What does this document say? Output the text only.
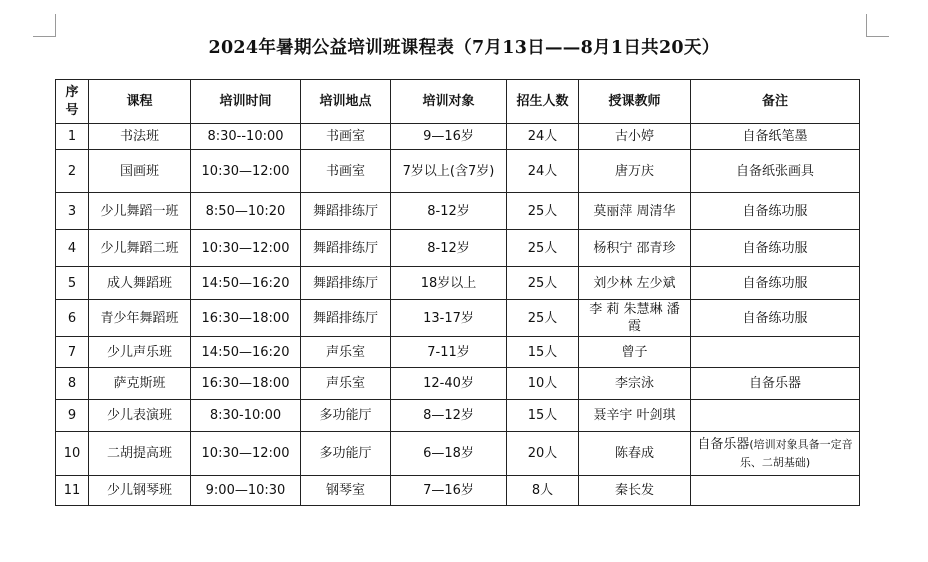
2024年暑期公益培训班课程表（7月13日——8月1日共20天）
序号	课程	培训时间	培训地点	培训对象	招生人数	授课教师	备注
1	书法班	8:30--10:00	书画室	9—16岁	24人	古小婷	自备纸笔墨
2	国画班	10:30—12:00	书画室	7岁以上(含7岁)	24人	唐万庆	自备纸张画具
3	少儿舞蹈一班	8:50—10:20	舞蹈排练厅	8-12岁	25人	莫丽萍 周清华	自备练功服
4	少儿舞蹈二班	10:30—12:00	舞蹈排练厅	8-12岁	25人	杨积宁 邵青珍	自备练功服
5	成人舞蹈班	14:50—16:20	舞蹈排练厅	18岁以上	25人	刘少林 左少斌	自备练功服
6	青少年舞蹈班	16:30—18:00	舞蹈排练厅	13-17岁	25人	李 莉 朱慧琳 潘 霞	自备练功服
7	少儿声乐班	14:50—16:20	声乐室	7-11岁	15人	曾子	
8	萨克斯班	16:30—18:00	声乐室	12-40岁	10人	李宗泳	自备乐器
9	少儿表演班	8:30-10:00	多功能厅	8—12岁	15人	聂辛宇 叶剑琪	
10	二胡提高班	10:30—12:00	多功能厅	6—18岁	20人	陈春成	自备乐器(培训对象具备一定音乐、二胡基础)
11	少儿钢琴班	9:00—10:30	钢琴室	7—16岁	8人	秦长发	
